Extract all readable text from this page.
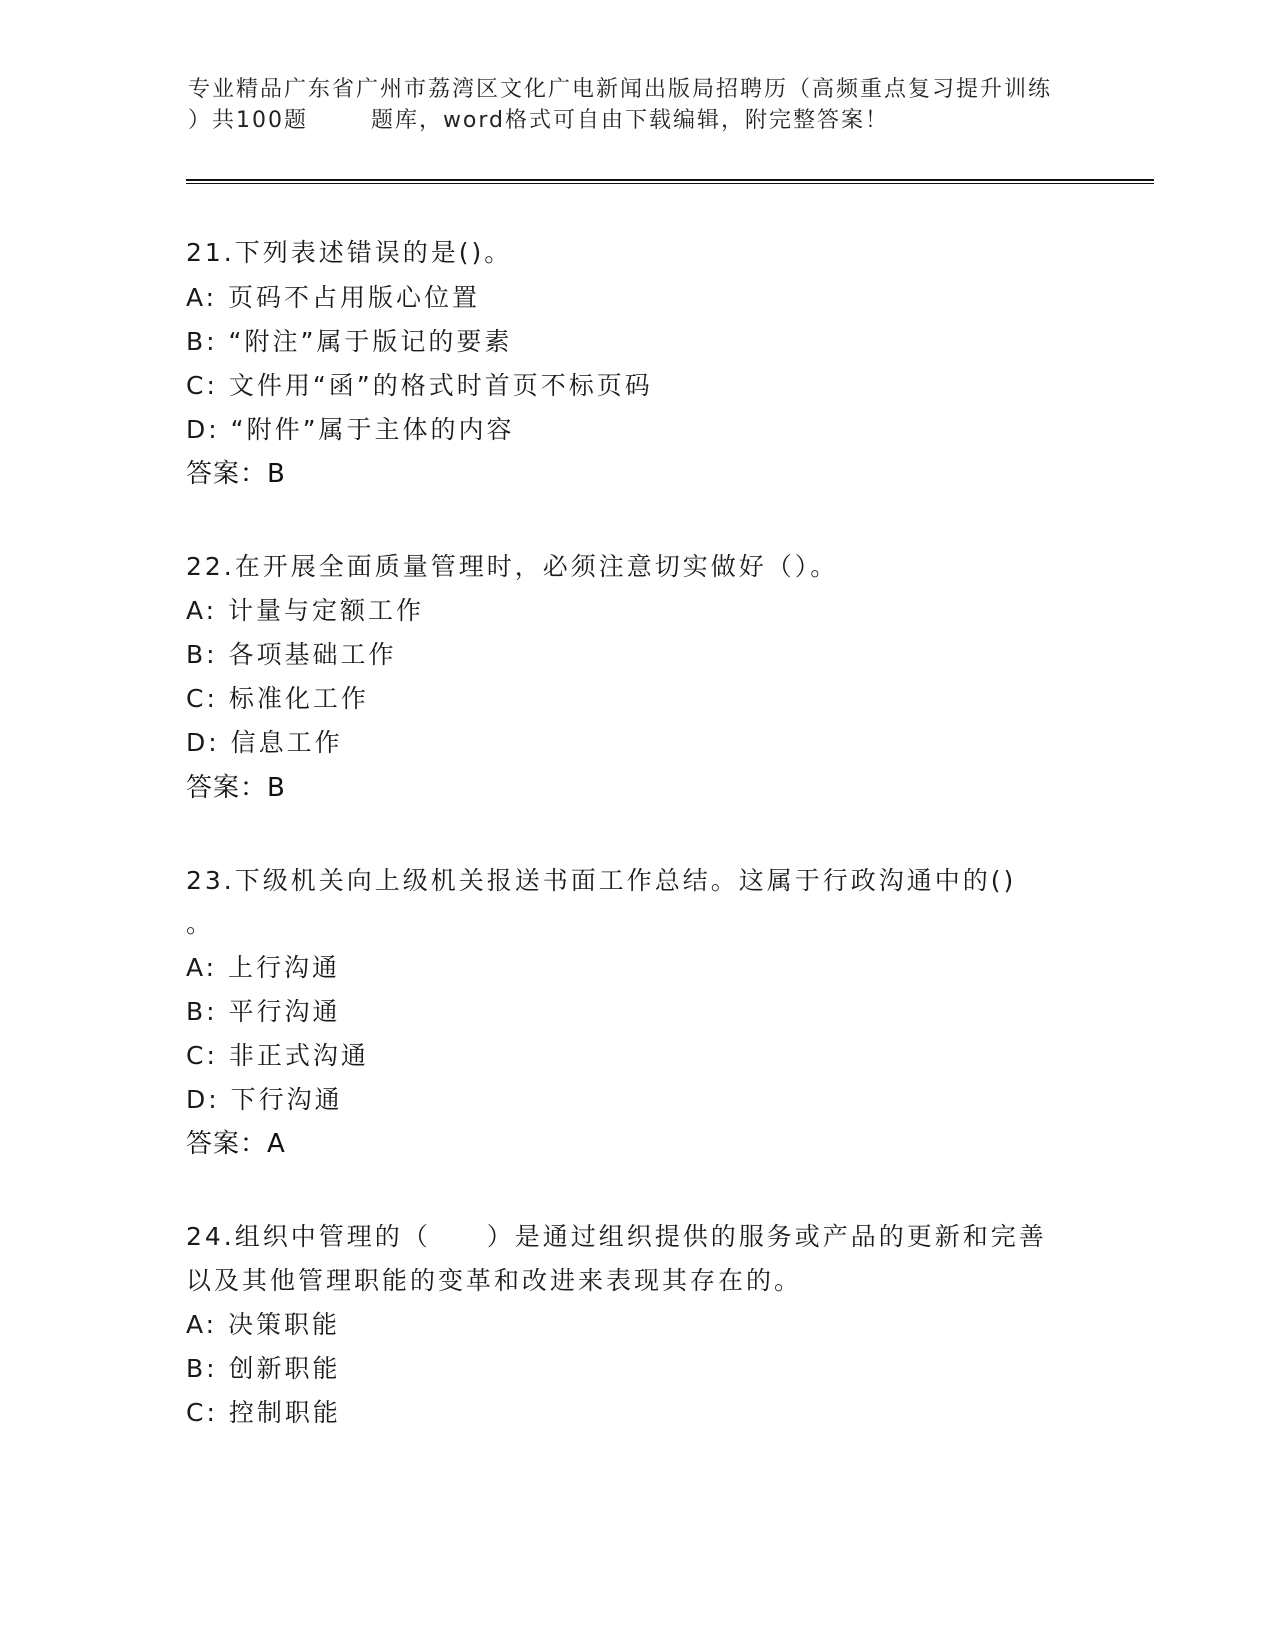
专业精品广东省广州市荔湾区文化广电新闻出版局招聘历（高频重点复习提升训练
）共100题       题库，word格式可自由下载编辑，附完整答案！
21.下列表述错误的是()。
A: 页码不占用版心位置
B: “附注”属于版记的要素
C: 文件用“函”的格式时首页不标页码
D: “附件”属于主体的内容
答案：B
22.在开展全面质量管理时，必须注意切实做好（）。
A: 计量与定额工作
B: 各项基础工作
C: 标准化工作
D: 信息工作
答案：B
23.下级机关向上级机关报送书面工作总结。这属于行政沟通中的()
。
A: 上行沟通
B: 平行沟通
C: 非正式沟通
D: 下行沟通
答案：A
24.组织中管理的（　　）是通过组织提供的服务或产品的更新和完善
以及其他管理职能的变革和改进来表现其存在的。
A: 决策职能
B: 创新职能
C: 控制职能
